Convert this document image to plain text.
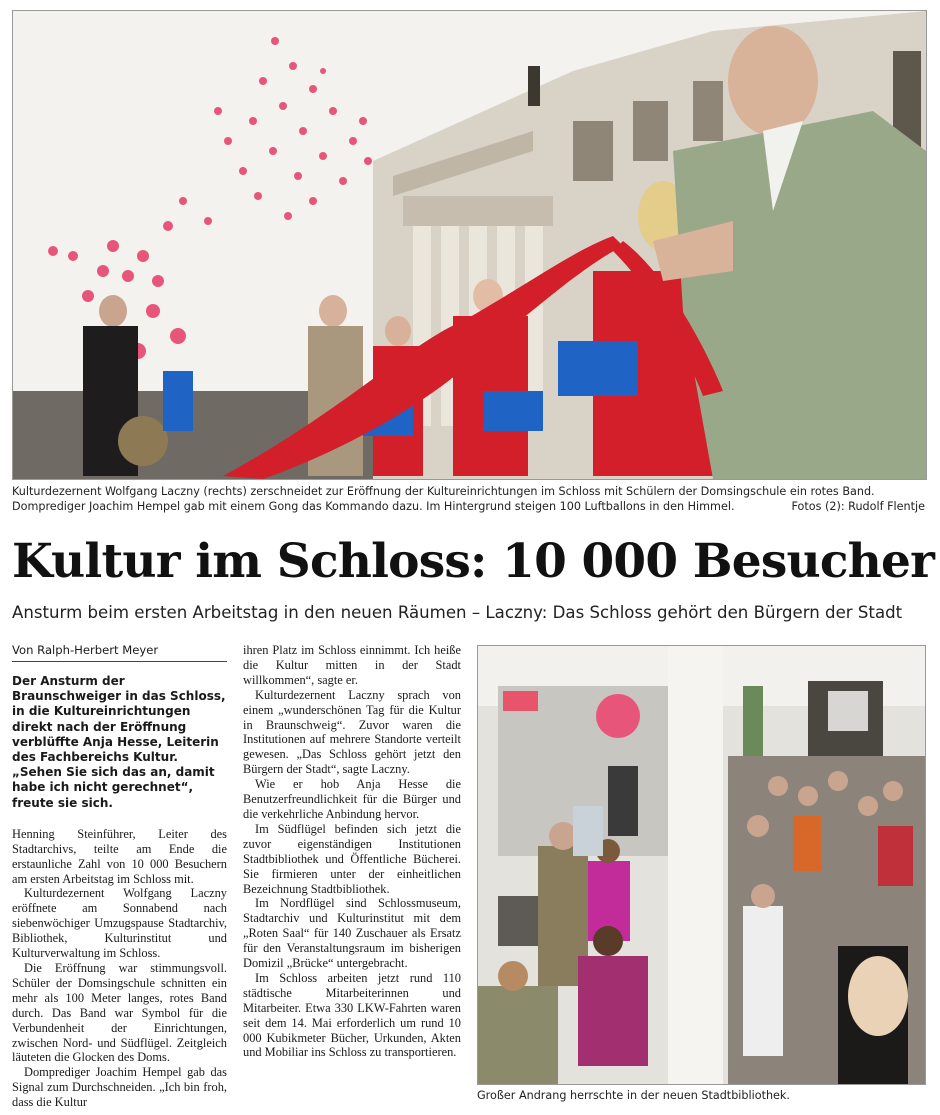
Kulturdezernent Wolfgang Laczny (rechts) zerschneidet zur Eröffnung der Kultureinrichtungen im Schloss mit Schülern der Domsingschule ein rotes Band. Domprediger Joachim Hempel gab mit einem Gong das Kommando dazu. Im Hintergrund steigen 100 Luftballons in den Himmel.	Fotos (2): Rudolf Flentje
Kultur im Schloss: 10 000 Besucher
Ansturm beim ersten Arbeitstag in den neuen Räumen – Laczny: Das Schloss gehört den Bürgern der Stadt
Von Ralph-Herbert Meyer

Der Ansturm der Braunschweiger in das Schloss, in die Kultureinrichtungen direkt nach der Eröffnung verblüffte Anja Hesse, Leiterin des Fachbereichs Kultur. „Sehen Sie sich das an, damit habe ich nicht gerechnet“, freute sie sich.

Henning Steinführer, Leiter des Stadtarchivs, teilte am Ende die erstaunliche Zahl von 10 000 Besuchern am ersten Arbeitstag im Schloss mit.

Kulturdezernent Wolfgang Laczny eröffnete am Sonnabend nach siebenwöchiger Umzugspause Stadtarchiv, Bibliothek, Kulturinstitut und Kulturverwaltung im Schloss.

Die Eröffnung war stimmungsvoll. Schüler der Domsingschule schnitten ein mehr als 100 Meter langes, rotes Band durch. Das Band war Symbol für die Verbundenheit der Einrichtungen, zwischen Nord- und Südflügel. Zeitgleich läuteten die Glocken des Doms.

Domprediger Joachim Hempel gab das Signal zum Durchschneiden. „Ich bin froh, dass die Kultur

ihren Platz im Schloss einnimmt. Ich heiße die Kultur mitten in der Stadt willkommen“, sagte er.

Kulturdezernent Laczny sprach von einem „wunderschönen Tag für die Kultur in Braunschweig“. Zuvor waren die Institutionen auf mehrere Standorte verteilt gewesen. „Das Schloss gehört jetzt den Bürgern der Stadt“, sagte Laczny.

Wie er hob Anja Hesse die Benutzerfreundlichkeit für die Bürger und die verkehrliche Anbindung hervor.

Im Südflügel befinden sich jetzt die zuvor eigenständigen Institutionen Stadtbibliothek und Öffentliche Bücherei. Sie firmieren unter der einheitlichen Bezeichnung Stadtbibliothek.

Im Nordflügel sind Schlossmuseum, Stadtarchiv und Kulturinstitut mit dem „Roten Saal“ für 140 Zuschauer als Ersatz für den Veranstaltungsraum im bisherigen Domizil „Brücke“ untergebracht.

Im Schloss arbeiten jetzt rund 110 städtische Mitarbeiterinnen und Mitarbeiter. Etwa 330 LKW-Fahrten waren seit dem 14. Mai erforderlich um rund 10 000 Kubikmeter Bücher, Urkunden, Akten und Mobiliar ins Schloss zu transportieren.

Großer Andrang herrschte in der neuen Stadtbibliothek.
